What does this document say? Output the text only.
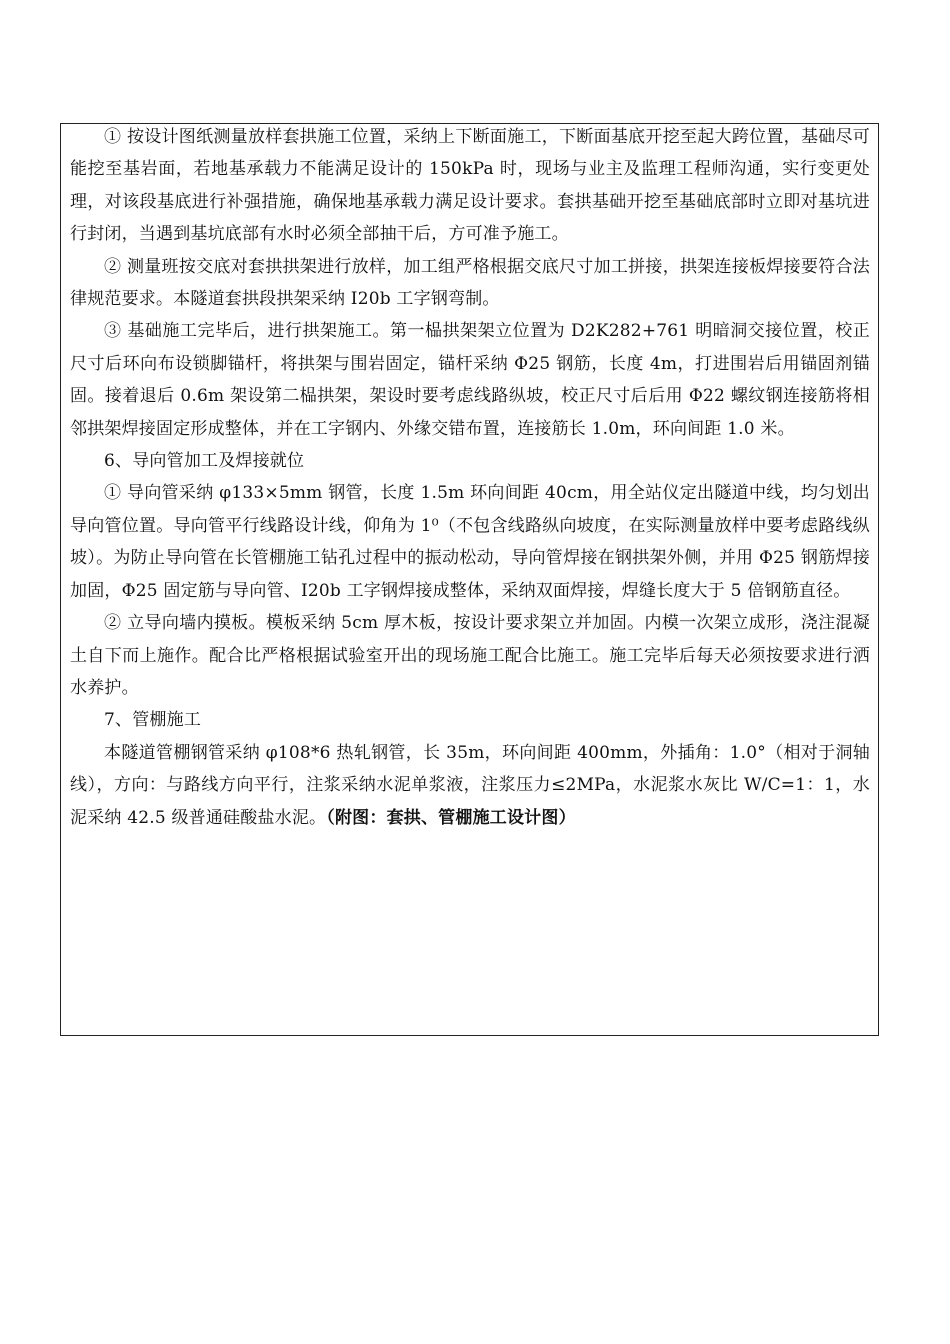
① 按设计图纸测量放样套拱施工位置，采纳上下断面施工，下断面基底开挖至起大跨位置，基础尽可能挖至基岩面，若地基承载力不能满足设计的 150kPa 时，现场与业主及监理工程师沟通，实行变更处理，对该段基底进行补强措施，确保地基承载力满足设计要求。套拱基础开挖至基础底部时立即对基坑进行封闭，当遇到基坑底部有水时必须全部抽干后，方可准予施工。

② 测量班按交底对套拱拱架进行放样，加工组严格根据交底尺寸加工拼接，拱架连接板焊接要符合法律规范要求。本隧道套拱段拱架采纳 I20b 工字钢弯制。

③ 基础施工完毕后，进行拱架施工。第一榀拱架架立位置为 D2K282+761 明暗洞交接位置，校正尺寸后环向布设锁脚锚杆，将拱架与围岩固定，锚杆采纳 Φ25 钢筋，长度 4m，打进围岩后用锚固剂锚固。接着退后 0.6m 架设第二榀拱架，架设时要考虑线路纵坡，校正尺寸后后用 Φ22 螺纹钢连接筋将相邻拱架焊接固定形成整体，并在工字钢内、外缘交错布置，连接筋长 1.0m，环向间距 1.0 米。

6、导向管加工及焊接就位

① 导向管采纳 φ133×5mm 钢管，长度 1.5m 环向间距 40cm，用全站仪定出隧道中线，均匀划出导向管位置。导向管平行线路设计线，仰角为 1⁰（不包含线路纵向坡度，在实际测量放样中要考虑路线纵坡）。为防止导向管在长管棚施工钻孔过程中的振动松动，导向管焊接在钢拱架外侧，并用 Φ25 钢筋焊接加固，Φ25 固定筋与导向管、I20b 工字钢焊接成整体，采纳双面焊接，焊缝长度大于 5 倍钢筋直径。

② 立导向墙内摸板。模板采纳 5cm 厚木板，按设计要求架立并加固。内模一次架立成形，浇注混凝土自下而上施作。配合比严格根据试验室开出的现场施工配合比施工。施工完毕后每天必须按要求进行洒水养护。

7、管棚施工

本隧道管棚钢管采纳 φ108*6 热轧钢管，长 35m，环向间距 400mm，外插角：1.0°（相对于洞轴线），方向：与路线方向平行，注浆采纳水泥单浆液，注浆压力≤2MPa，水泥浆水灰比 W/C=1：1，水泥采纳 42.5 级普通硅酸盐水泥。（附图：套拱、管棚施工设计图）
